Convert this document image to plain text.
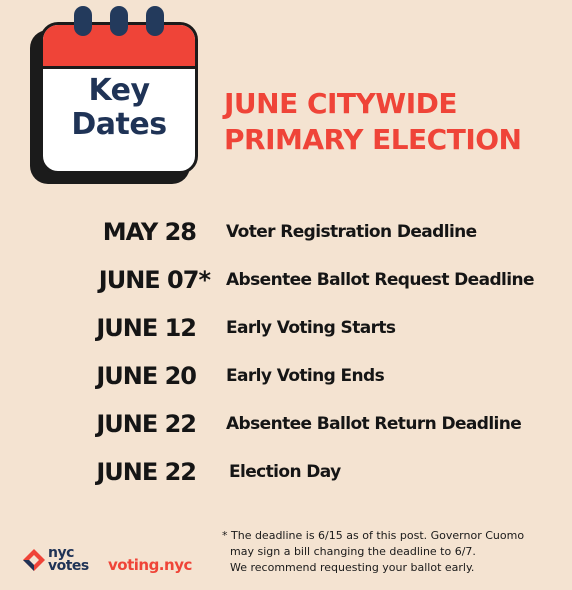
Key
Dates
JUNE CITYWIDE
PRIMARY ELECTION
MAY 28 Voter Registration Deadline
JUNE 07* Absentee Ballot Request Deadline
JUNE 12 Early Voting Starts
JUNE 20 Early Voting Ends
JUNE 22 Absentee Ballot Return Deadline
JUNE 22 Election Day
nyc
votes voting.nyc
* The deadline is 6/15 as of this post. Governor Cuomo
may sign a bill changing the deadline to 6/7.
We recommend requesting your ballot early.
